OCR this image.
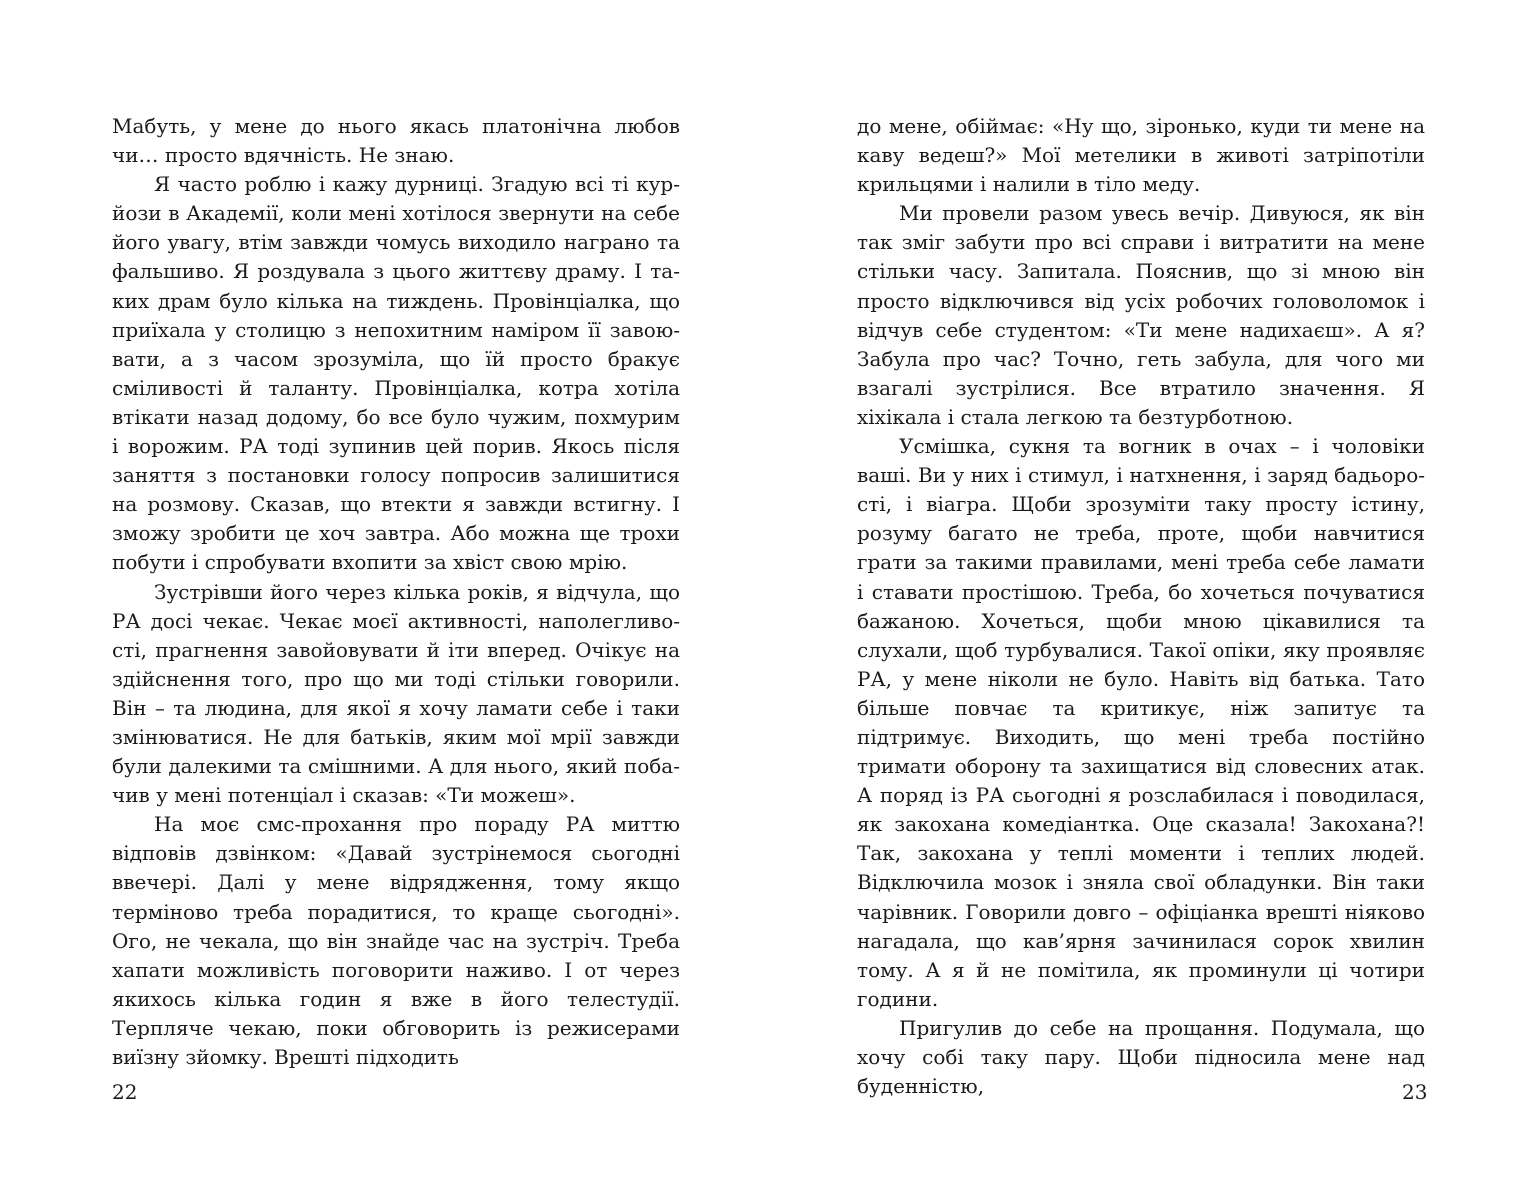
Мабуть, у мене до нього якась платонічна любов чи… просто вдячність. Не знаю.

Я часто роблю і кажу дурниці. Згадую всі ті курйози в Академії, коли мені хотілося звернути на себе його увагу, втім завжди чомусь виходило награно та фальшиво. Я роздувала з цього життєву драму. І таких драм було кілька на тиждень. Провінціалка, що приїхала у столицю з непохитним наміром її завоювати, а з часом зрозуміла, що їй просто бракує сміливості й таланту. Провінціалка, котра хотіла втікати назад додому, бо все було чужим, похмурим і ворожим. РА тоді зупинив цей порив. Якось після заняття з постановки голосу попросив залишитися на розмову. Сказав, що втекти я завжди встигну. І зможу зробити це хоч завтра. Або можна ще трохи побути і спробувати вхопити за хвіст свою мрію.

Зустрівши його через кілька років, я відчула, що РА досі чекає. Чекає моєї активності, наполегливості, прагнення завойовувати й іти вперед. Очікує на здійснення того, про що ми тоді стільки говорили. Він – та людина, для якої я хочу ламати себе і таки змінюватися. Не для батьків, яким мої мрії завжди були далекими та смішними. А для нього, який побачив у мені потенціал і сказав: «Ти можеш».

На моє смс-прохання про пораду РА миттю відповів дзвінком: «Давай зустрінемося сьогодні ввечері. Далі у мене відрядження, тому якщо терміново треба порадитися, то краще сьогодні». Ого, не чекала, що він знайде час на зустріч. Треба хапати можливість поговорити наживо. І от через якихось кілька годин я вже в його телестудії. Терпляче чекаю, поки обговорить із режисерами виїзну зйомку. Врешті підходить

до мене, обіймає: «Ну що, зіронько, куди ти мене на каву ведеш?» Мої метелики в животі затріпотіли крильцями і налили в тіло меду.

Ми провели разом увесь вечір. Дивуюся, як він так зміг забути про всі справи і витратити на мене стільки часу. Запитала. Пояснив, що зі мною він просто відключився від усіх робочих головоломок і відчув себе студентом: «Ти мене надихаєш». А я? Забула про час? Точно, геть забула, для чого ми взагалі зустрілися. Все втратило значення. Я хіхікала і стала легкою та безтурботною.

Усмішка, сукня та вогник в очах – і чоловіки ваші. Ви у них і стимул, і натхнення, і заряд бадьорості, і віагра. Щоби зрозуміти таку просту істину, розуму багато не треба, проте, щоби навчитися грати за такими правилами, мені треба себе ламати і ставати простішою. Треба, бо хочеться почуватися бажаною. Хочеться, щоби мною цікавилися та слухали, щоб турбувалися. Такої опіки, яку проявляє РА, у мене ніколи не було. Навіть від батька. Тато більше повчає та критикує, ніж запитує та підтримує. Виходить, що мені треба постійно тримати оборону та захищатися від словесних атак. А поряд із РА сьогодні я розслабилася і поводилася, як закохана комедіантка. Оце сказала! Закохана?! Так, закохана у теплі моменти і теплих людей. Відключила мозок і зняла свої обладунки. Він таки чарівник. Говорили довго – офіціанка врешті ніяково нагадала, що кав’ярня зачинилася сорок хвилин тому. А я й не помітила, як проминули ці чотири години.

Пригулив до себе на прощання. Подумала, що хочу собі таку пару. Щоби підносила мене над буденністю,

22	23
